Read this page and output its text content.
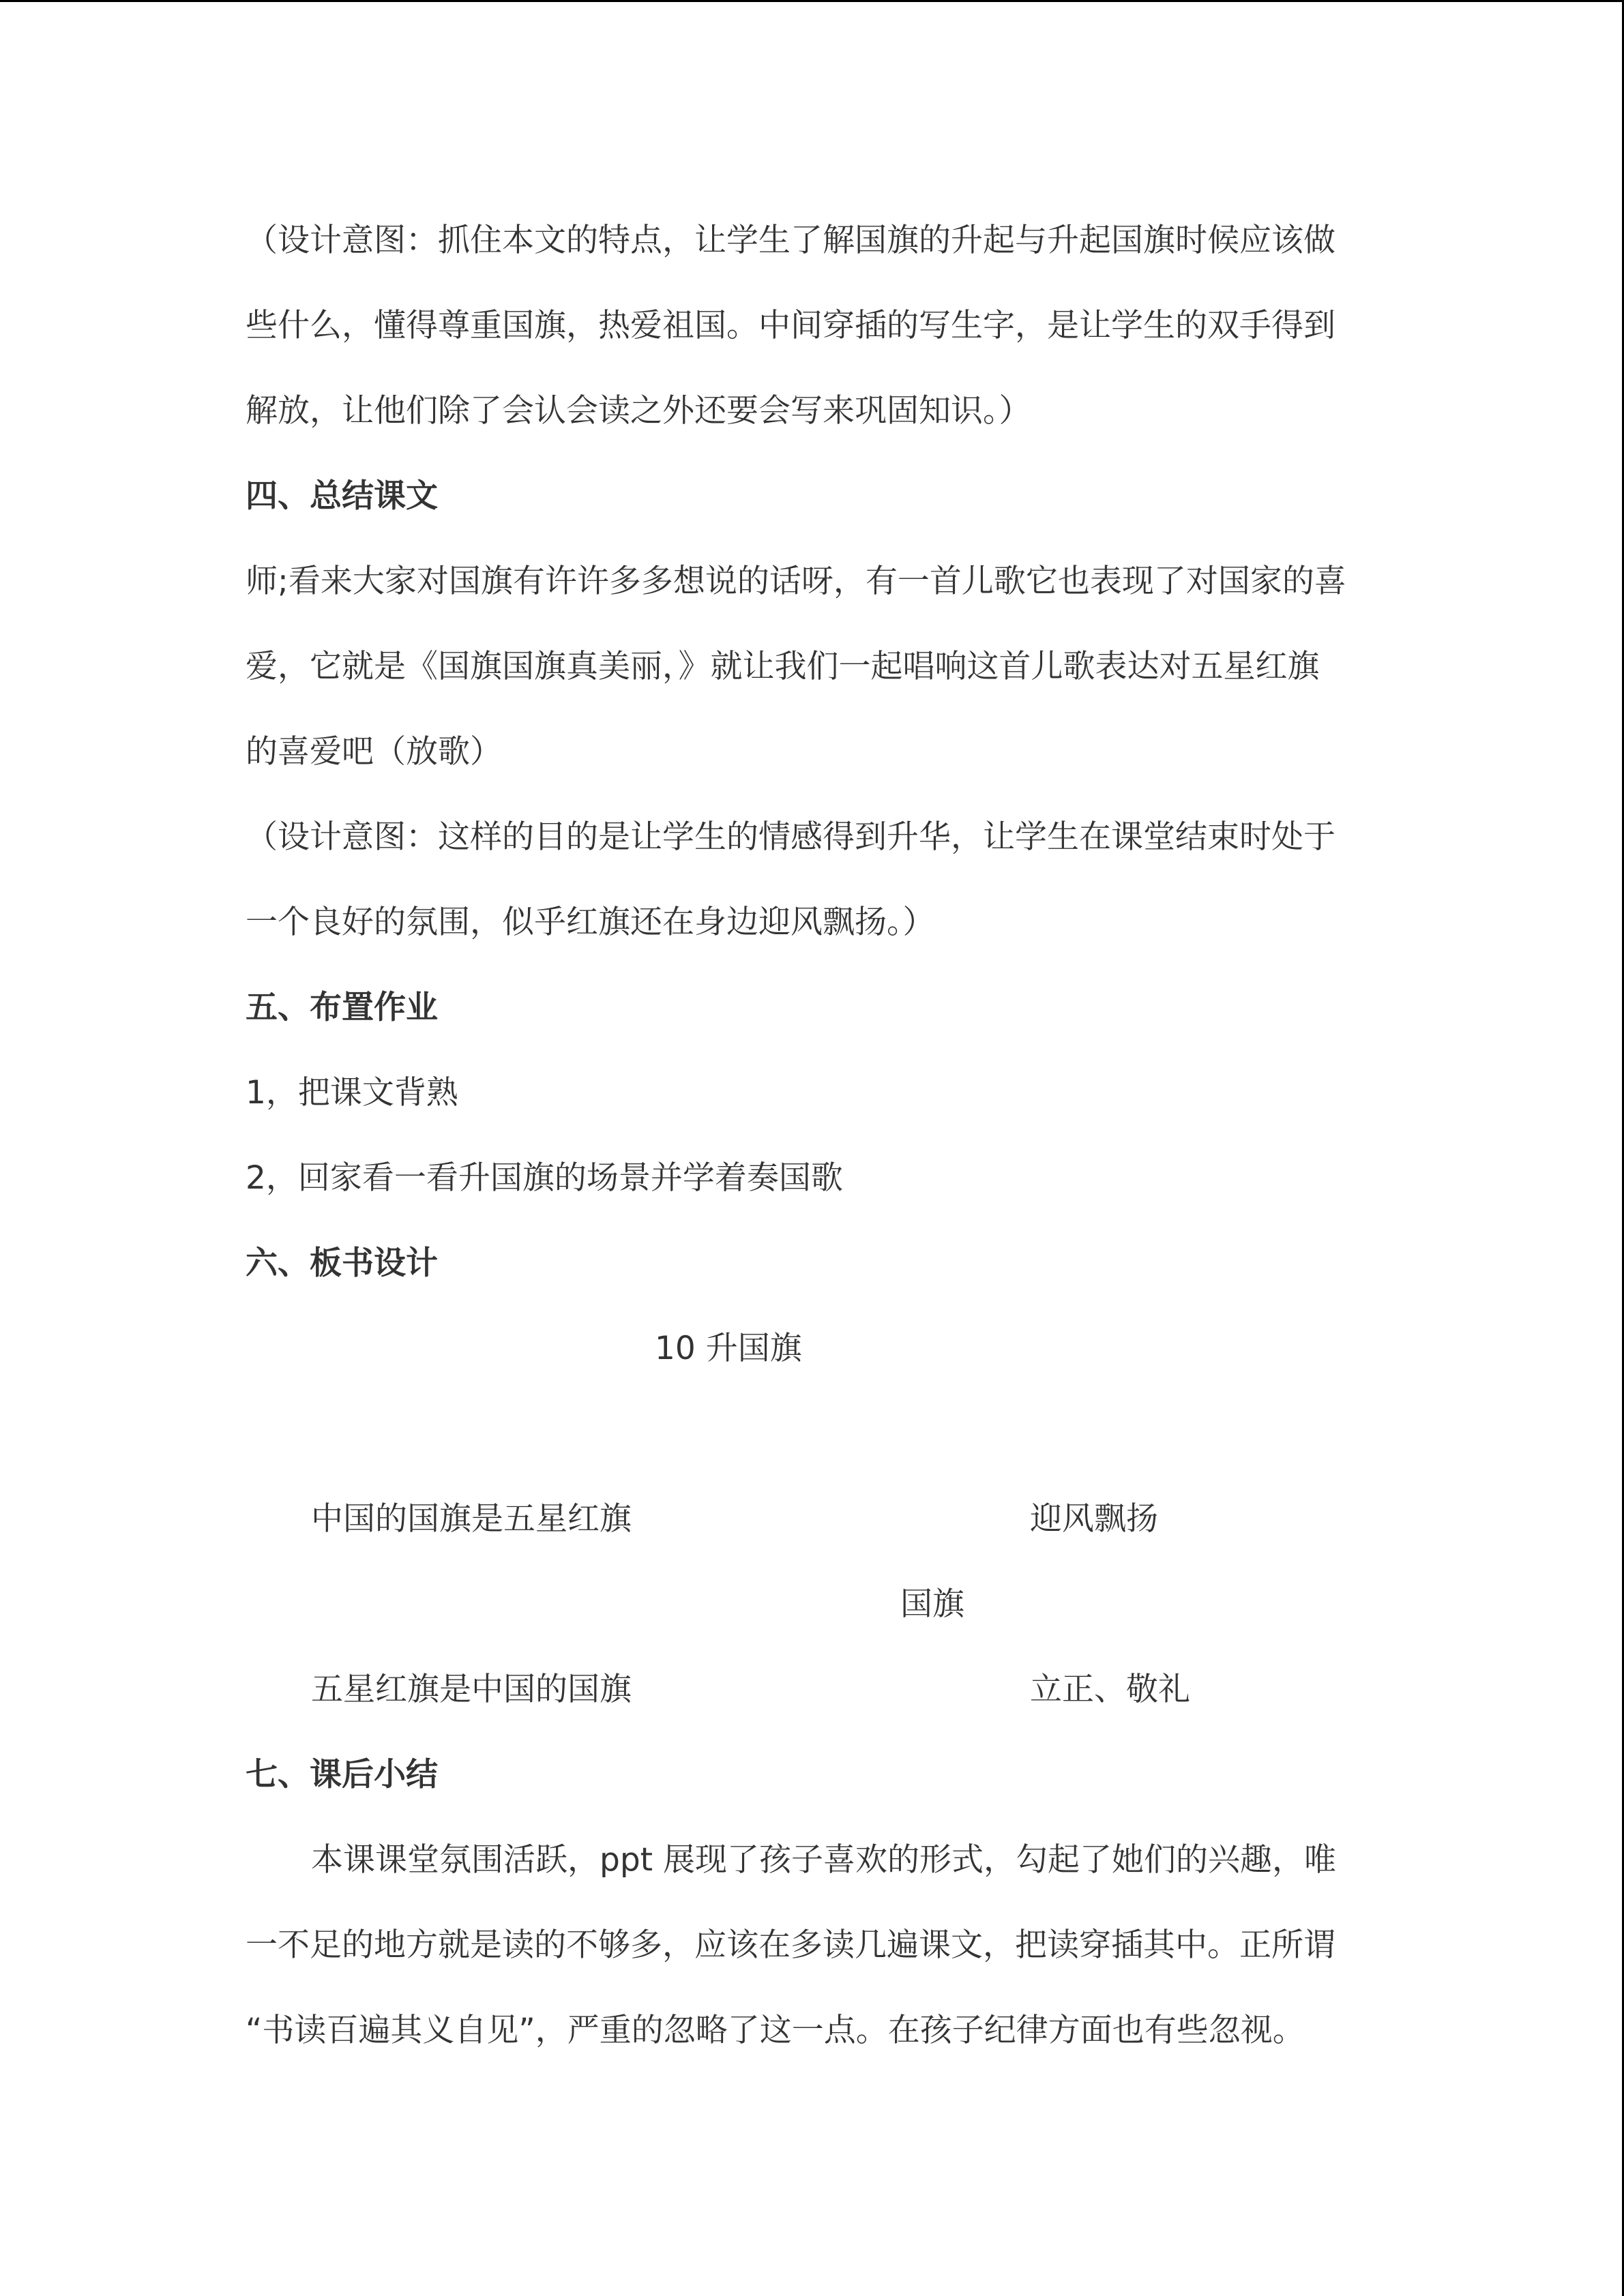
（设计意图：抓住本文的特点，让学生了解国旗的升起与升起国旗时候应该做
些什么，懂得尊重国旗，热爱祖国。中间穿插的写生字，是让学生的双手得到
解放，让他们除了会认会读之外还要会写来巩固知识。）
四、总结课文
师;看来大家对国旗有许许多多想说的话呀，有一首儿歌它也表现了对国家的喜
爱，它就是《国旗国旗真美丽，》就让我们一起唱响这首儿歌表达对五星红旗
的喜爱吧（放歌）
（设计意图：这样的目的是让学生的情感得到升华，让学生在课堂结束时处于
一个良好的氛围，似乎红旗还在身边迎风飘扬。）
五、布置作业
1，把课文背熟
2，回家看一看升国旗的场景并学着奏国歌
六、板书设计
10 升国旗
中国的国旗是五星红旗	迎风飘扬
国旗
五星红旗是中国的国旗	立正、敬礼
七、课后小结
本课课堂氛围活跃，ppt 展现了孩子喜欢的形式，勾起了她们的兴趣，唯
一不足的地方就是读的不够多，应该在多读几遍课文，把读穿插其中。正所谓
“书读百遍其义自见”，严重的忽略了这一点。在孩子纪律方面也有些忽视。
